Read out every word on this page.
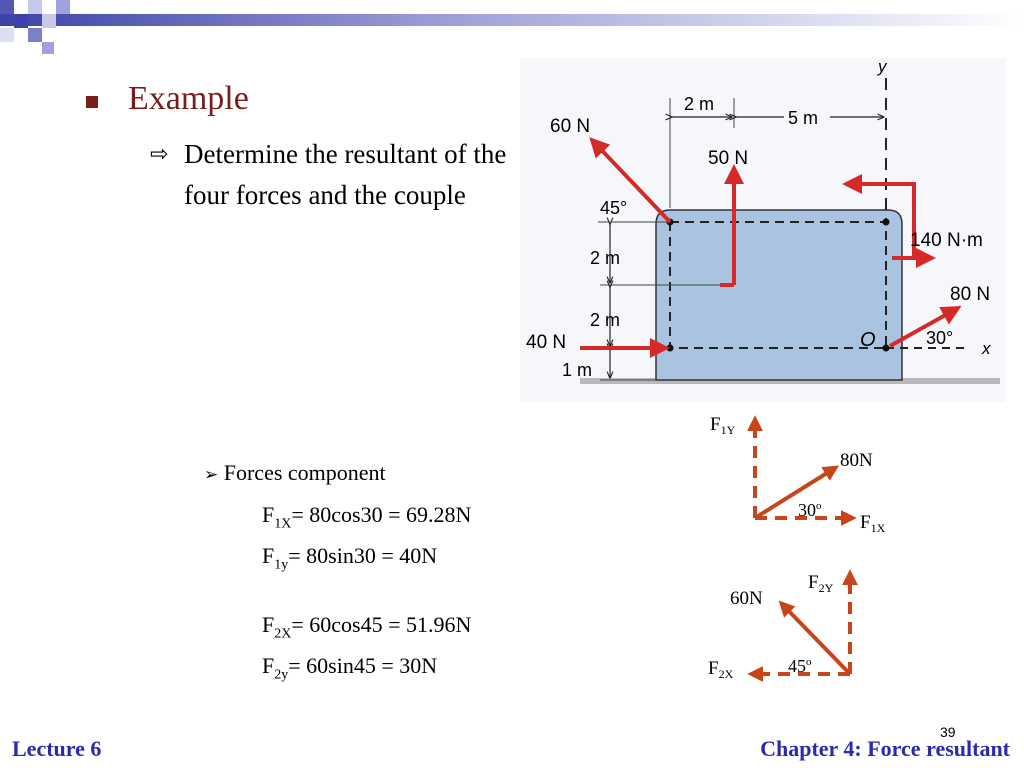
Example
⇨ Determine the resultant of the four forces and the couple
➢ Forces component
$F_{1X}= 80\cos 30 = 69.28N$
$F_{1y}= 80\sin 30 = 40N$
$F_{2X}= 60\cos 45 = 51.96N$
$F_{2y}= 60\sin 45 = 30N$
y
x
2 m
5 m
2 m
2 m
1 m
45°
O
60 N
50 N
40 N
80 N
30°
140 N·m
$F_{1Y}$
80N
30$^o$
$F_{1X}$
$F_{2Y}$
60N
45$^o$
$F_{2X}$
39
Lecture 6	Chapter 4: Force resultant
